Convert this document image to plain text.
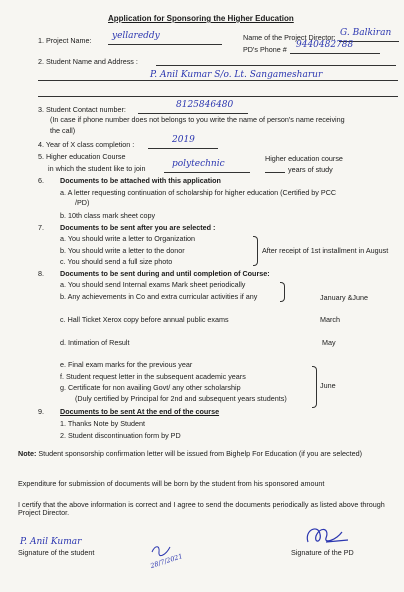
Application for Sponsoring the Higher Education
1. Project Name: yellareddy	Name of the Project Director: G. Balkiran
PD's Phone # 9440482788
2. Student Name and Address :
P. Anil Kumar S/o. Lt. Sangamesharur
3. Student Contact number:	8125846480
(In case if phone number does not belongs to you write the name of person's name receiving
the call)
4. Year of X class completion :	2019
5. Higher education Course
in which the student like to join	polytechnic
Higher education course
years of study
6. Documents to be attached with this application
a. A letter requesting continuation of scholarship for higher education (Certified by PCC
/PD)
b. 10th class mark sheet copy
7. Documents to be sent after you are selected :
a. You should write a letter to Organization
b. You should write a letter to the donor
c. You should send a full size photo
After receipt of 1st installment in August
8. Documents to be sent during and until completion of Course:
a. You should send Internal exams Mark sheet periodically
b. Any achievements in Co and extra curricular activities if any	January &June
c. Hall Ticket Xerox copy before annual public exams	March
d. Intimation of Result	May
e. Final exam marks for the previous year
f. Student request letter in the subsequent academic years
g. Certificate for non availing Govt/ any other scholarship
(Duly certified by Principal for 2nd and subsequent years students)
June
9. Documents to be sent At the end of the course
1. Thanks Note by Student
2. Student discontinuation form by PD
Note: Student sponsorship confirmation letter will be issued from Bighelp For Education (if you are selected)
Expenditure for submission of documents will be born by the student from his sponsored amount
I certify that the above information is correct and I agree to send the documents periodically as listed above through Project Director.
P. Anil Kumar
Signature of the student	28/7/2021	Signature of the PD
